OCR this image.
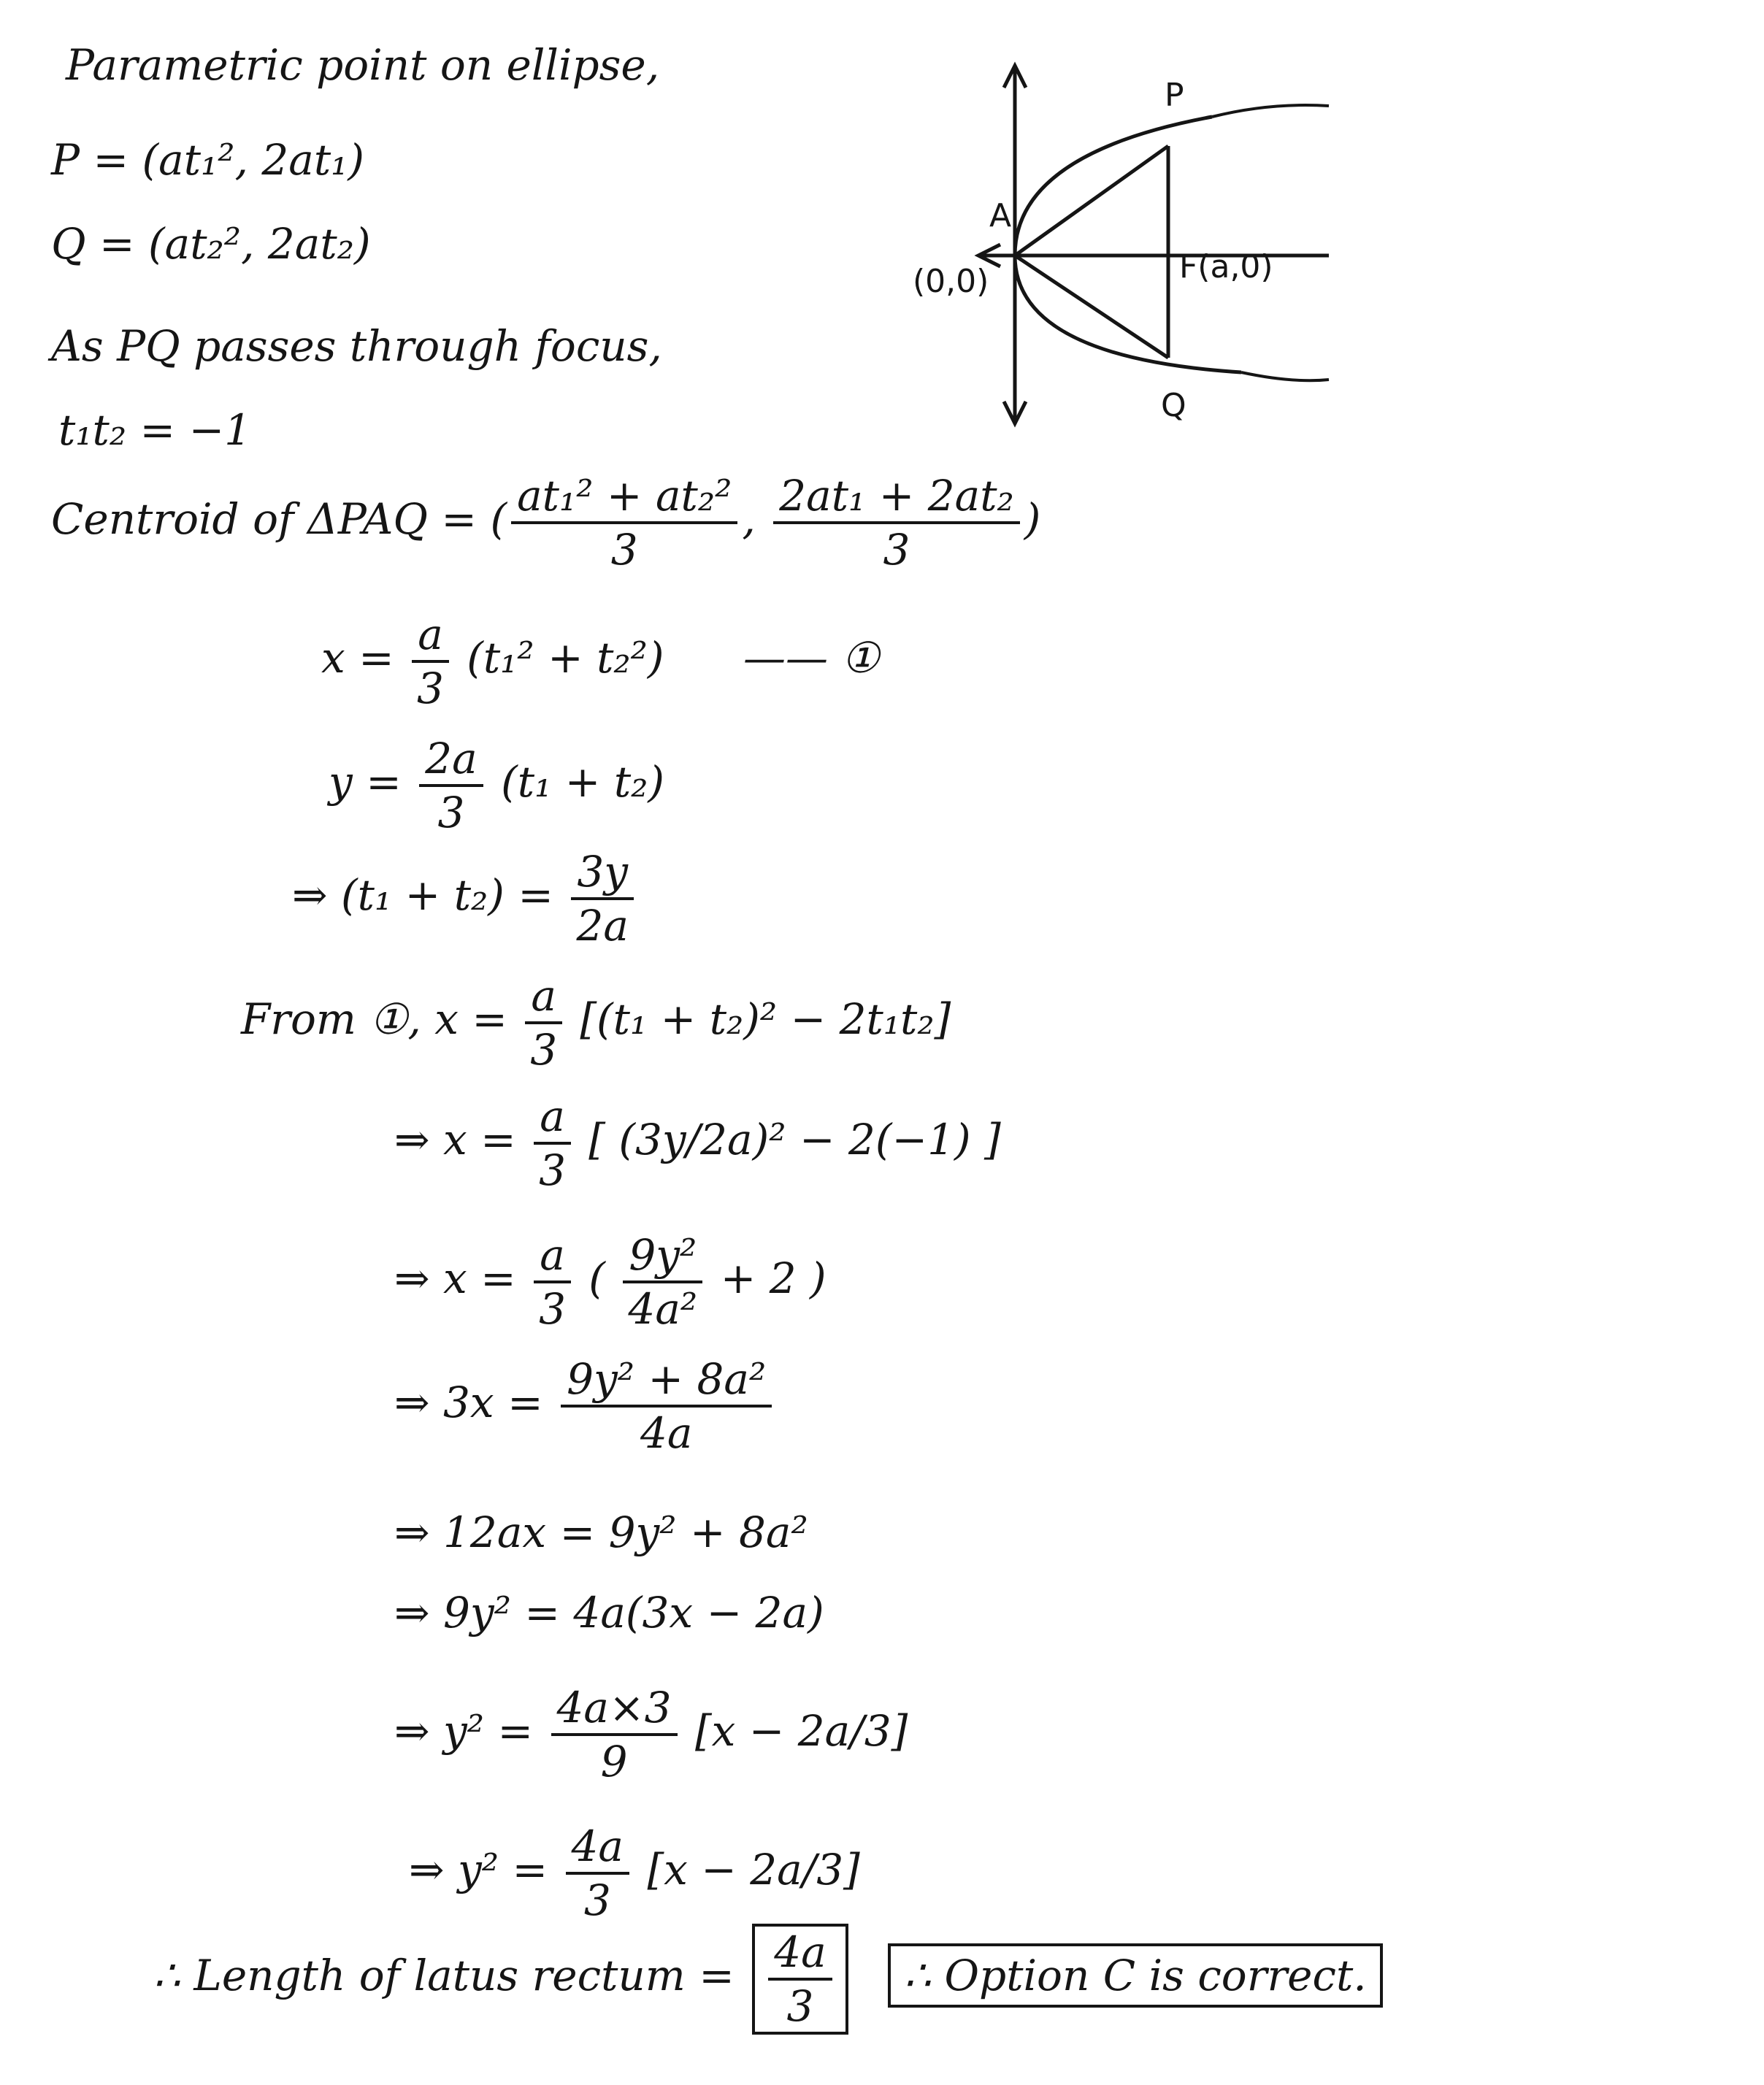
Parametric point on ellipse,
P = (at₁², 2at₁)
Q = (at₂², 2at₂)
As PQ passes through focus,
t₁t₂ = −1
Centroid of ΔPAQ = ( $\frac{\text{at₁² + at₂²}}{3}$ , $\frac{\text{2at₁ + 2at₂}}{3}$ )
$x = \frac{a}{3} (t_1^2 + t_2^2)$ —— ①
$y = \frac{2a}{3} (t_1 + t_2)$
⇒ $(t_1 + t_2) = \frac{3y}{2a}$
From ①, $x = \frac{a}{3} [(t_1 + t_2)^2 - 2t_1t_2]$
⇒ $x = \frac{a}{3}$ [ (3y/2a)² − 2(−1) ]
⇒ $x = \frac{a}{3}$ ( $\frac{\text{9y²}}{\text{4a²}} + 2$ )
⇒ $3x = \frac{\text{9y² + 8a²}}{4a}$
⇒ 12ax = 9y² + 8a²
⇒ 9y² = 4a(3x − 2a)
⇒ $y^2 = \frac{4a\times 3}{9} [x - 2a/3]$
⇒ $y^2 = \frac{4a}{3} [x - 2a/3]$
∴ Length of latus rectum = $\frac{4a}{3}$ ∴ Option C is correct.
P
A
(0,0)	F(a,0)
Q
